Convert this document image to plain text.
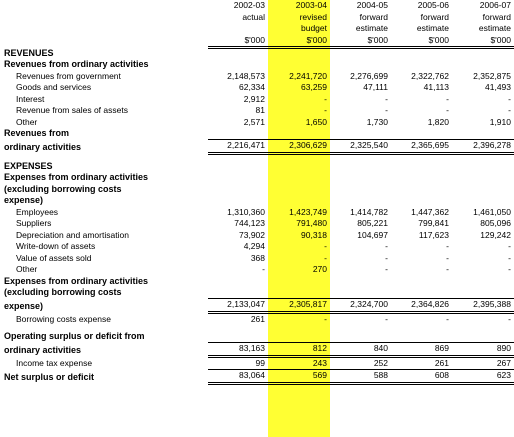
	2002-03	2003-04	2004-05	2005-06	2006-07
	actual	revised	forward	forward	forward
		budget	estimate	estimate	estimate
	$'000	$'000	$'000	$'000	$'000
REVENUES					
Revenues from ordinary activities					
Revenues from government	2,148,573	2,241,720	2,276,699	2,322,762	2,352,875
Goods and services	62,334	63,259	47,111	41,113	41,493
Interest	2,912	-	-	-	-
Revenue from sales of assets	81	-	-	-	-
Other	2,571	1,650	1,730	1,820	1,910
Revenues from					
ordinary activities	2,216,471	2,306,629	2,325,540	2,365,695	2,396,278

EXPENSES					
Expenses from ordinary activities					
(excluding borrowing costs					
expense)					
Employees	1,310,360	1,423,749	1,414,782	1,447,362	1,461,050
Suppliers	744,123	791,480	805,221	799,841	805,096
Depreciation and amortisation	73,902	90,318	104,697	117,623	129,242
Write-down of assets	4,294	-	-	-	-
Value of assets sold	368	-	-	-	-
Other	-	270	-	-	-
Expenses from ordinary activities					
(excluding borrowing costs					
expense)	2,133,047	2,305,817	2,324,700	2,364,826	2,395,388
Borrowing costs expense	261	-	-	-	-

Operating surplus or deficit from					
ordinary activities	83,163	812	840	869	890
Income tax expense	99	243	252	261	267
Net surplus or deficit	83,064	569	588	608	623
